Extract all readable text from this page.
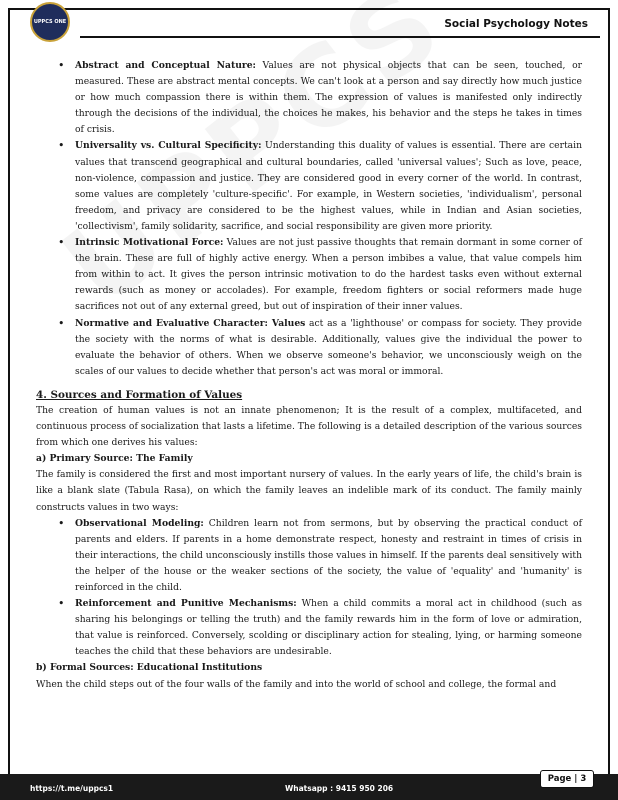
UPPCS ONE	Social Psychology Notes
• Abstract and Conceptual Nature: Values are not physical objects that can be seen, touched, or measured. These are abstract mental concepts. We can't look at a person and say directly how much justice or how much compassion there is within them. The expression of values is manifested only indirectly through the decisions of the individual, the choices he makes, his behavior and the steps he takes in times of crisis.
• Universality vs. Cultural Specificity: Understanding this duality of values is essential. There are certain values that transcend geographical and cultural boundaries, called 'universal values'; Such as love, peace, non-violence, compassion and justice. They are considered good in every corner of the world. In contrast, some values are completely 'culture-specific'. For example, in Western societies, 'individualism', personal freedom, and privacy are considered to be the highest values, while in Indian and Asian societies, 'collectivism', family solidarity, sacrifice, and social responsibility are given more priority.
• Intrinsic Motivational Force: Values are not just passive thoughts that remain dormant in some corner of the brain. These are full of highly active energy. When a person imbibes a value, that value compels him from within to act. It gives the person intrinsic motivation to do the hardest tasks even without external rewards (such as money or accolades). For example, freedom fighters or social reformers made huge sacrifices not out of any external greed, but out of inspiration of their inner values.
• Normative and Evaluative Character: Values act as a 'lighthouse' or compass for society. They provide the society with the norms of what is desirable. Additionally, values give the individual the power to evaluate the behavior of others. When we observe someone's behavior, we unconsciously weigh on the scales of our values to decide whether that person's act was moral or immoral.
4. Sources and Formation of Values

The creation of human values is not an innate phenomenon; It is the result of a complex, multifaceted, and continuous process of socialization that lasts a lifetime. The following is a detailed description of the various sources from which one derives his values:

a) Primary Source: The Family

The family is considered the first and most important nursery of values. In the early years of life, the child's brain is like a blank slate (Tabula Rasa), on which the family leaves an indelible mark of its conduct. The family mainly constructs values in two ways:

• Observational Modeling: Children learn not from sermons, but by observing the practical conduct of parents and elders. If parents in a home demonstrate respect, honesty and restraint in times of crisis in their interactions, the child unconsciously instills those values in himself. If the parents deal sensitively with the helper of the house or the weaker sections of the society, the value of 'equality' and 'humanity' is reinforced in the child.
• Reinforcement and Punitive Mechanisms: When a child commits a moral act in childhood (such as sharing his belongings or telling the truth) and the family rewards him in the form of love or admiration, that value is reinforced. Conversely, scolding or disciplinary action for stealing, lying, or harming someone teaches the child that these behaviors are undesirable.
b) Formal Sources: Educational Institutions

When the child steps out of the four walls of the family and into the world of school and college, the formal and

https://t.me/uppcs1	Whatsapp : 9415 950 206
Page | 3
